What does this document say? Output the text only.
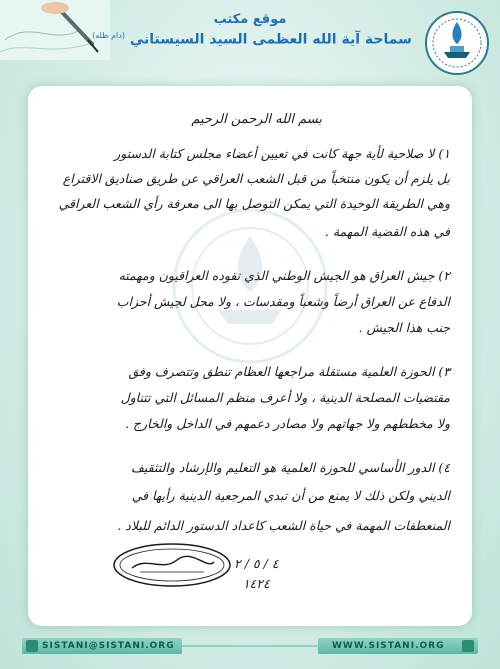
موقع مكتب
سماحة آية الله العظمى السيد السيستاني $^{(دام ظله)}$
بسم الله الرحمن الرحيم
١) لا صلاحية لأية جهة كانت في تعيين أعضاء مجلس كتابة الدستور
بل يلزم أن يكون منتخباً من قبل الشعب العراقي عن طريق صناديق الاقتراع
وهي الطريقة الوحيدة التي يمكن التوصل بها الى معرفة رأي الشعب العراقي
في هذه القضية المهمة .
٢) جيش العراق هو الجيش الوطني الذي تقوده العراقيون ومهمته
الدفاع عن العراق أرضاً وشعباً ومقدسات ، ولا محل لجيش أحزاب
جنب هذا الجيش .
٣) الحوزة العلمية مستقلة مراجعها العظام تنطق وتتصرف وفق
مقتضيات المصلحة الدينية ، ولا أعرف منظم المسائل التي تتناول
ولا مخططهم ولا جهاتهم ولا مصادر دعمهم في الداخل والخارج .
٤) الدور الأساسي للحوزة العلمية هو التعليم والإرشاد والتثقيف
الديني ولكن ذلك لا يمنع من أن تبدي المرجعية الدينية رأيها في
المنعطفات المهمة في حياة الشعب كاعداد الدستور الدائم للبلاد .
٤ / ٥ / ٢
١٤٢٤
SISTANI@SISTANI.ORG	WWW.SISTANI.ORG
